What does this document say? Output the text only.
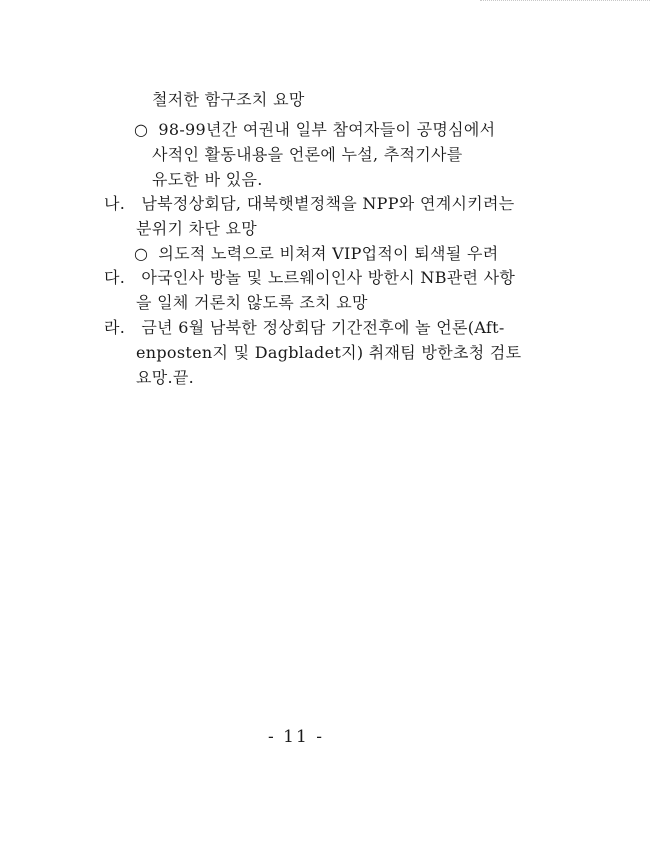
철저한 함구조치 요망
○ 98-99년간 여권내 일부 참여자들이 공명심에서
사적인 활동내용을 언론에 누설, 추적기사를
유도한 바 있음.
나. 남북정상회담, 대북햇볕정책을 NPP와 연계시키려는
분위기 차단 요망
○ 의도적 노력으로 비쳐져 VIP업적이 퇴색될 우려
다. 아국인사 방놀 및 노르웨이인사 방한시 NB관련 사항
을 일체 거론치 않도록 조치 요망
라. 금년 6월 남북한 정상회담 기간전후에 놀 언론(Aft-
enposten지 및 Dagbladet지) 취재팀 방한초청 검토
요망.끝.
- 11 -
